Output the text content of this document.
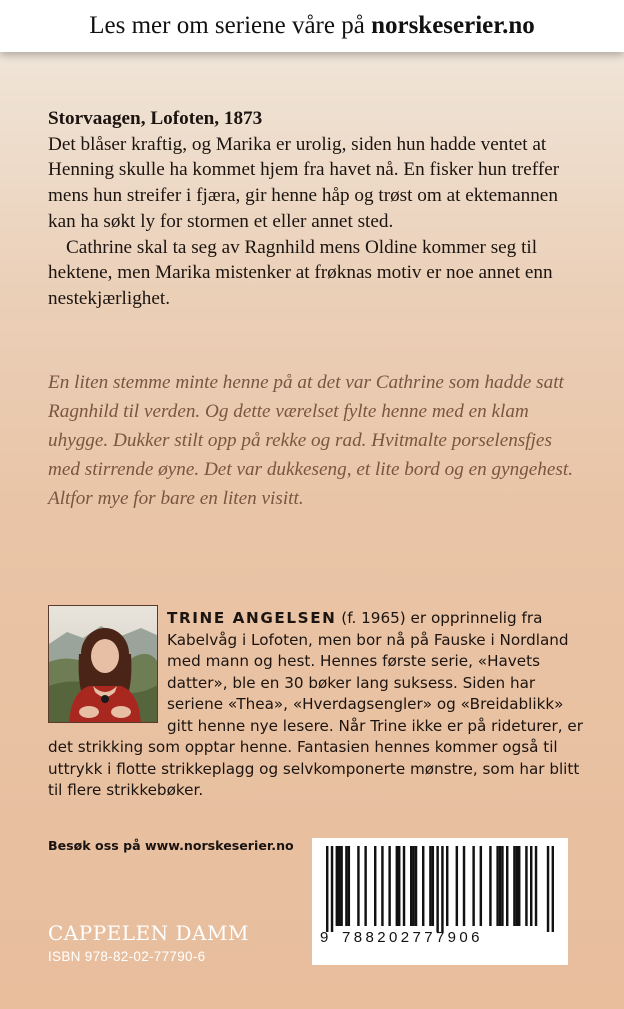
Les mer om seriene våre på
norskeserier.no
Storvaagen, Lofoten, 1873

Det blåser kraftig, og Marika er urolig, siden hun hadde ventet at Henning skulle ha kommet hjem fra havet nå. En fisker hun treffer mens hun streifer i fjæra, gir henne håp og trøst om at ektemannen kan ha søkt ly for stormen et eller annet sted.

Cathrine skal ta seg av Ragnhild mens Oldine kommer seg til hektene, men Marika mistenker at frøknas motiv er noe annet enn nestekjærlighet.

En liten stemme minte henne på at det var Cathrine som hadde satt Ragnhild til verden. Og dette værelset fylte henne med en klam uhygge. Dukker stilt opp på rekke og rad. Hvitmalte porselensfjes med stirrende øyne. Det var dukkeseng, et lite bord og en gyngehest. Altfor mye for bare en liten visitt.
TRINE ANGELSEN (f. 1965) er opprinnelig fra Kabelvåg i Lofoten, men bor nå på Fauske i Nordland med mann og hest. Hennes første serie, «Havets datter», ble en 30 bøker lang suksess. Siden har seriene «Thea», «Hverdagsengler» og «Breidablikk» gitt henne nye lesere. Når Trine ikke er på rideturer, er det strikking som opptar henne. Fantasien hennes kommer også til uttrykk i flotte strikkeplagg og selvkomponerte mønstre, som har blitt til flere strikkebøker.
Besøk oss på www.norskeserier.no
CAPPELEN DAMM
ISBN 978-82-02-77790-6
9 788202777906
